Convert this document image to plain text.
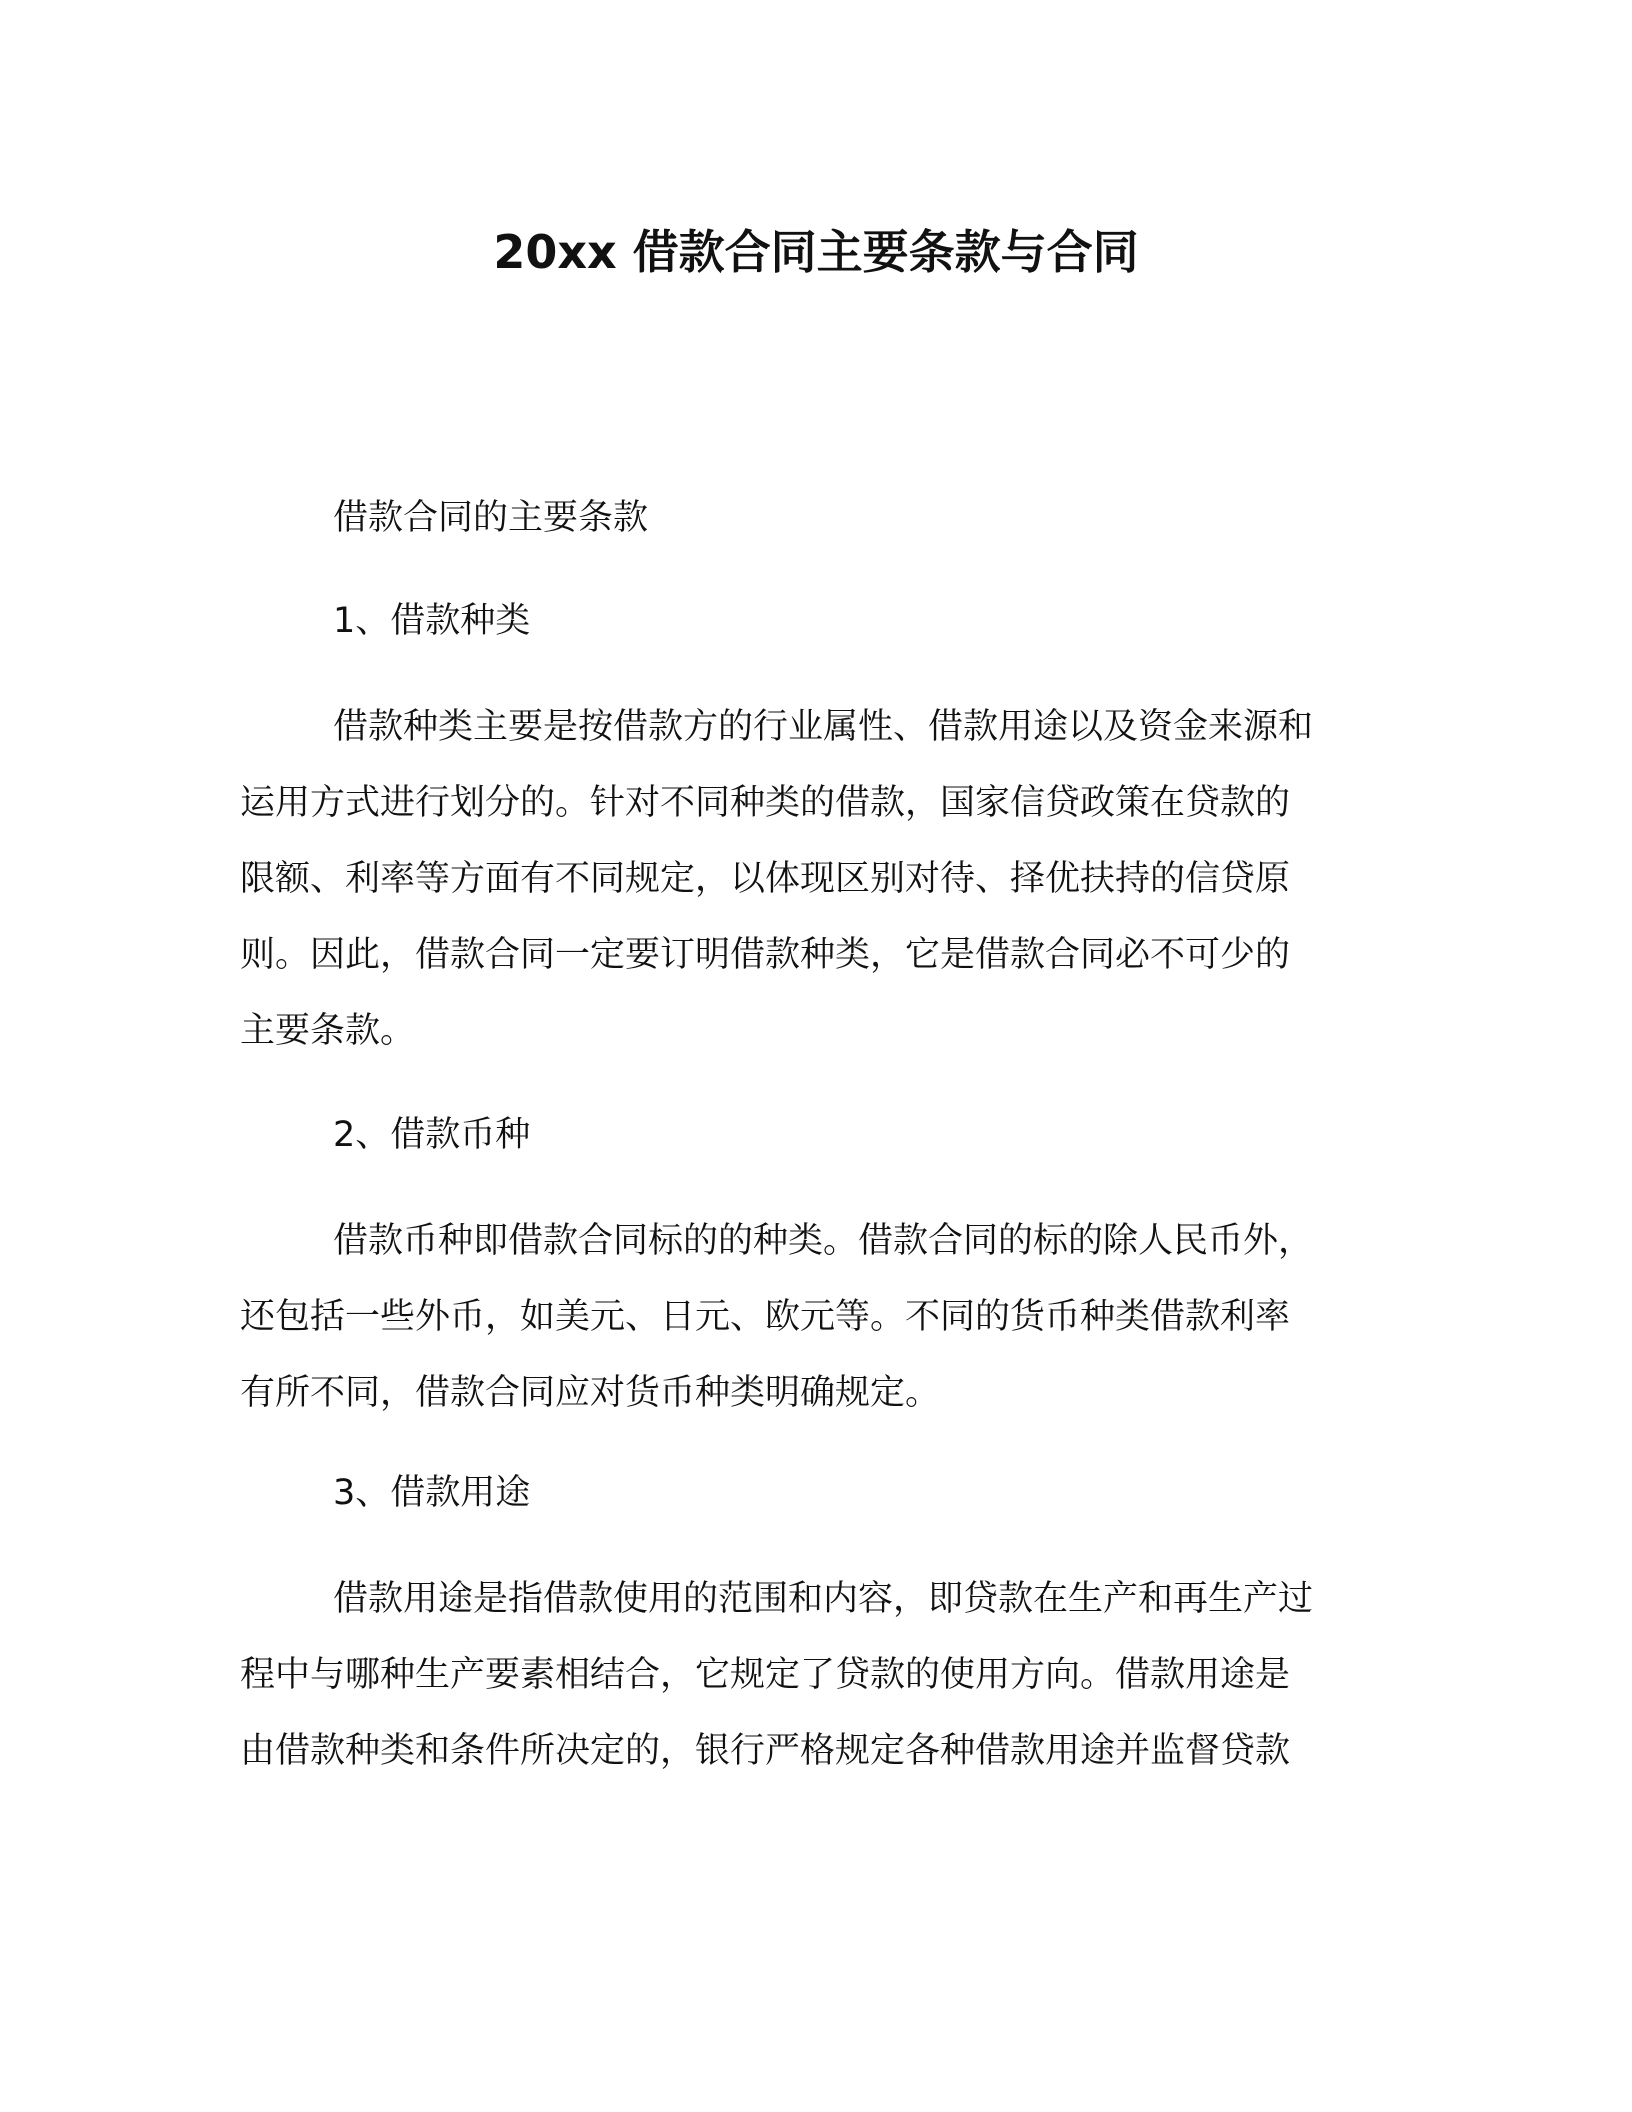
20xx 借款合同主要条款与合同
借款合同的主要条款
1、借款种类
借款种类主要是按借款方的行业属性、借款用途以及资金来源和
运用方式进行划分的。针对不同种类的借款，国家信贷政策在贷款的
限额、利率等方面有不同规定，以体现区别对待、择优扶持的信贷原
则。因此，借款合同一定要订明借款种类，它是借款合同必不可少的
主要条款。
2、借款币种
借款币种即借款合同标的的种类。借款合同的标的除人民币外，
还包括一些外币，如美元、日元、欧元等。不同的货币种类借款利率
有所不同，借款合同应对货币种类明确规定。
3、借款用途
借款用途是指借款使用的范围和内容，即贷款在生产和再生产过
程中与哪种生产要素相结合，它规定了贷款的使用方向。借款用途是
由借款种类和条件所决定的，银行严格规定各种借款用途并监督贷款
